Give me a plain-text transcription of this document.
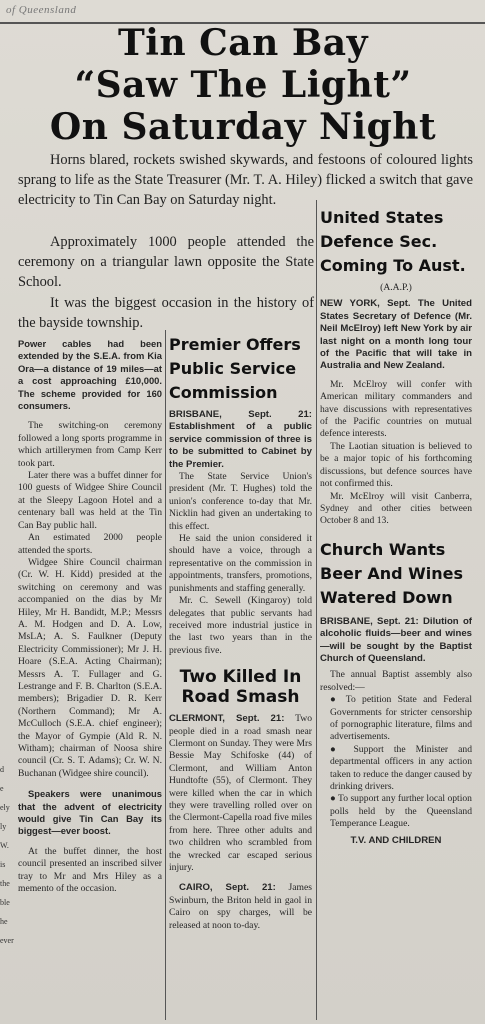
of Queensland
Tin Can Bay
“Saw The Light”
On Saturday Night

Horns blared, rockets swished skywards, and festoons of coloured lights sprang to life as the State Treasurer (Mr. T. A. Hiley) flicked a switch that gave electricity to Tin Can Bay on Saturday night.

Approximately 1000 people attended the ceremony on a triangular lawn opposite the State School.

It was the biggest occasion in the history of the bayside township.

d
e
ely
ly
W.
is
the
ble
he
ever

Power cables had been extended by the S.E.A. from Kia Ora—a distance of 19 miles—at a cost approaching £10,000. The scheme provided for 160 consumers.

The switching-on ceremony followed a long sports programme in which artillerymen from Camp Kerr took part.

Later there was a buffet dinner for 100 guests of Widgee Shire Council at the Sleepy Lagoon Hotel and a centenary ball was held at the Tin Can Bay public hall.

An estimated 2000 people attended the sports.

Widgee Shire Council chairman (Cr. W. H. Kidd) presided at the switching on ceremony and was accompanied on the dias by Mr Hiley, Mr H. Bandidt, M.P.; Messrs A. M. Hodgen and D. A. Low, MsLA; A. S. Faulkner (Deputy Electricity Commissioner); Mr J. H. Hoare (S.E.A. Acting Chairman); Messrs A. T. Fullager and G. Lestrange and F. B. Charlton (S.E.A. members); Brigadier D. R. Kerr (Northern Command); Mr A. McCulloch (S.E.A. chief engineer); the Mayor of Gympie (Ald R. N. Witham); chairman of Noosa shire council (Cr. S. T. Adams); Cr. W. N. Buchanan (Widgee shire council).

Speakers were unanimous that the advent of electricity would give Tin Can Bay its biggest—ever boost.

At the buffet dinner, the host council presented an inscribed silver tray to Mr and Mrs Hiley as a memento of the occasion.

Premier Offers Public Service Commission

BRISBANE, Sept. 21: Establishment of a public service commission of three is to be submitted to Cabinet by the Premier.

The State Service Union's president (Mr. T. Hughes) told the union's conference to-day that Mr. Nicklin had given an undertaking to this effect.

He said the union considered it should have a voice, through a representative on the commission in appointments, transfers, promotions, punishments and staffing generally.

Mr. C. Sewell (Kingaroy) told delegates that public servants had received more industrial justice in the last two years than in the previous five.

Two Killed In Road Smash

CLERMONT, Sept. 21: Two people died in a road smash near Clermont on Sunday. They were Mrs Bessie May Schifoske (44) of Clermont, and William Anton Hundtofte (55), of Clermont. They were killed when the car in which they were travelling rolled over on the Clermont-Capella road five miles from here. Three other adults and two children who scrambled from the wrecked car escaped serious injury.

CAIRO, Sept. 21: James Swinburn, the Briton held in gaol in Cairo on spy charges, will be released at noon to-day.

United States Defence Sec. Coming To Aust.

(A.A.P.)

NEW YORK, Sept. The United States Secretary of Defence (Mr. Neil McElroy) left New York by air last night on a month long tour of the Pacific that will take in Australia and New Zealand.

Mr. McElroy will confer with American military commanders and have discussions with representatives of the Pacific countries on mutual defence interests.

The Laotian situation is believed to be a major topic of his forthcoming discussions, but defence sources have not confirmed this.

Mr. McElroy will visit Canberra, Sydney and other cities between October 8 and 13.

Church Wants Beer And Wines Watered Down

BRISBANE, Sept. 21: Dilution of alcoholic fluids—beer and wines—will be sought by the Baptist Church of Queensland.

The annual Baptist assembly also resolved:—

● To petition State and Federal Governments for stricter censorship of pornographic literature, films and advertisements.

● Support the Minister and departmental officers in any action taken to reduce the danger caused by drinking drivers.

● To support any further local option polls held by the Queensland Temperance League.

T.V. AND CHILDREN
